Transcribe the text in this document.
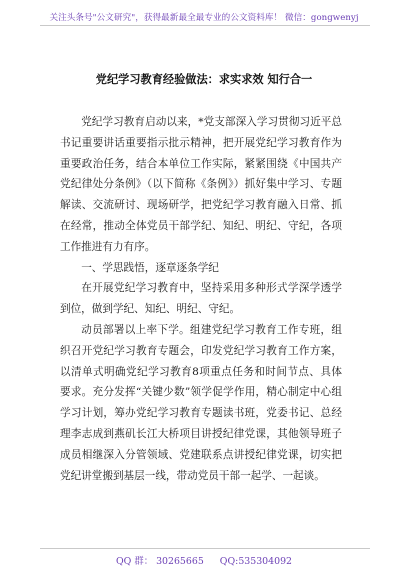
关注头条号"公文研究"，获得最新最全最专业的公文资料库！ 微信：gongwenyj
党纪学习教育经验做法：求实求效 知行合一

党纪学习教育启动以来，*党支部深入学习贯彻习近平总书记重要讲话重要指示批示精神，把开展党纪学习教育作为重要政治任务，结合本单位工作实际，紧紧围绕《中国共产党纪律处分条例》（以下简称《条例》）抓好集中学习、专题解读、交流研讨、现场研学，把党纪学习教育融入日常、抓在经常，推动全体党员干部学纪、知纪、明纪、守纪，各项工作推进有力有序。

一、学思践悟，逐章逐条学纪

在开展党纪学习教育中，坚持采用多种形式学深学透学到位，做到学纪、知纪、明纪、守纪。

动员部署以上率下学。组建党纪学习教育工作专班，组织召开党纪学习教育专题会，印发党纪学习教育工作方案，以清单式明确党纪学习教育8项重点任务和时间节点、具体要求。充分发挥“关键少数”领学促学作用，精心制定中心组学习计划，筹办党纪学习教育专题读书班，党委书记、总经理李志成到燕矶长江大桥项目讲授纪律党课，其他领导班子成员相继深入分管领域、党建联系点讲授纪律党课，切实把党纪讲堂搬到基层一线，带动党员干部一起学、一起谈。

QQ 群： 30265665 QQ:535304092
